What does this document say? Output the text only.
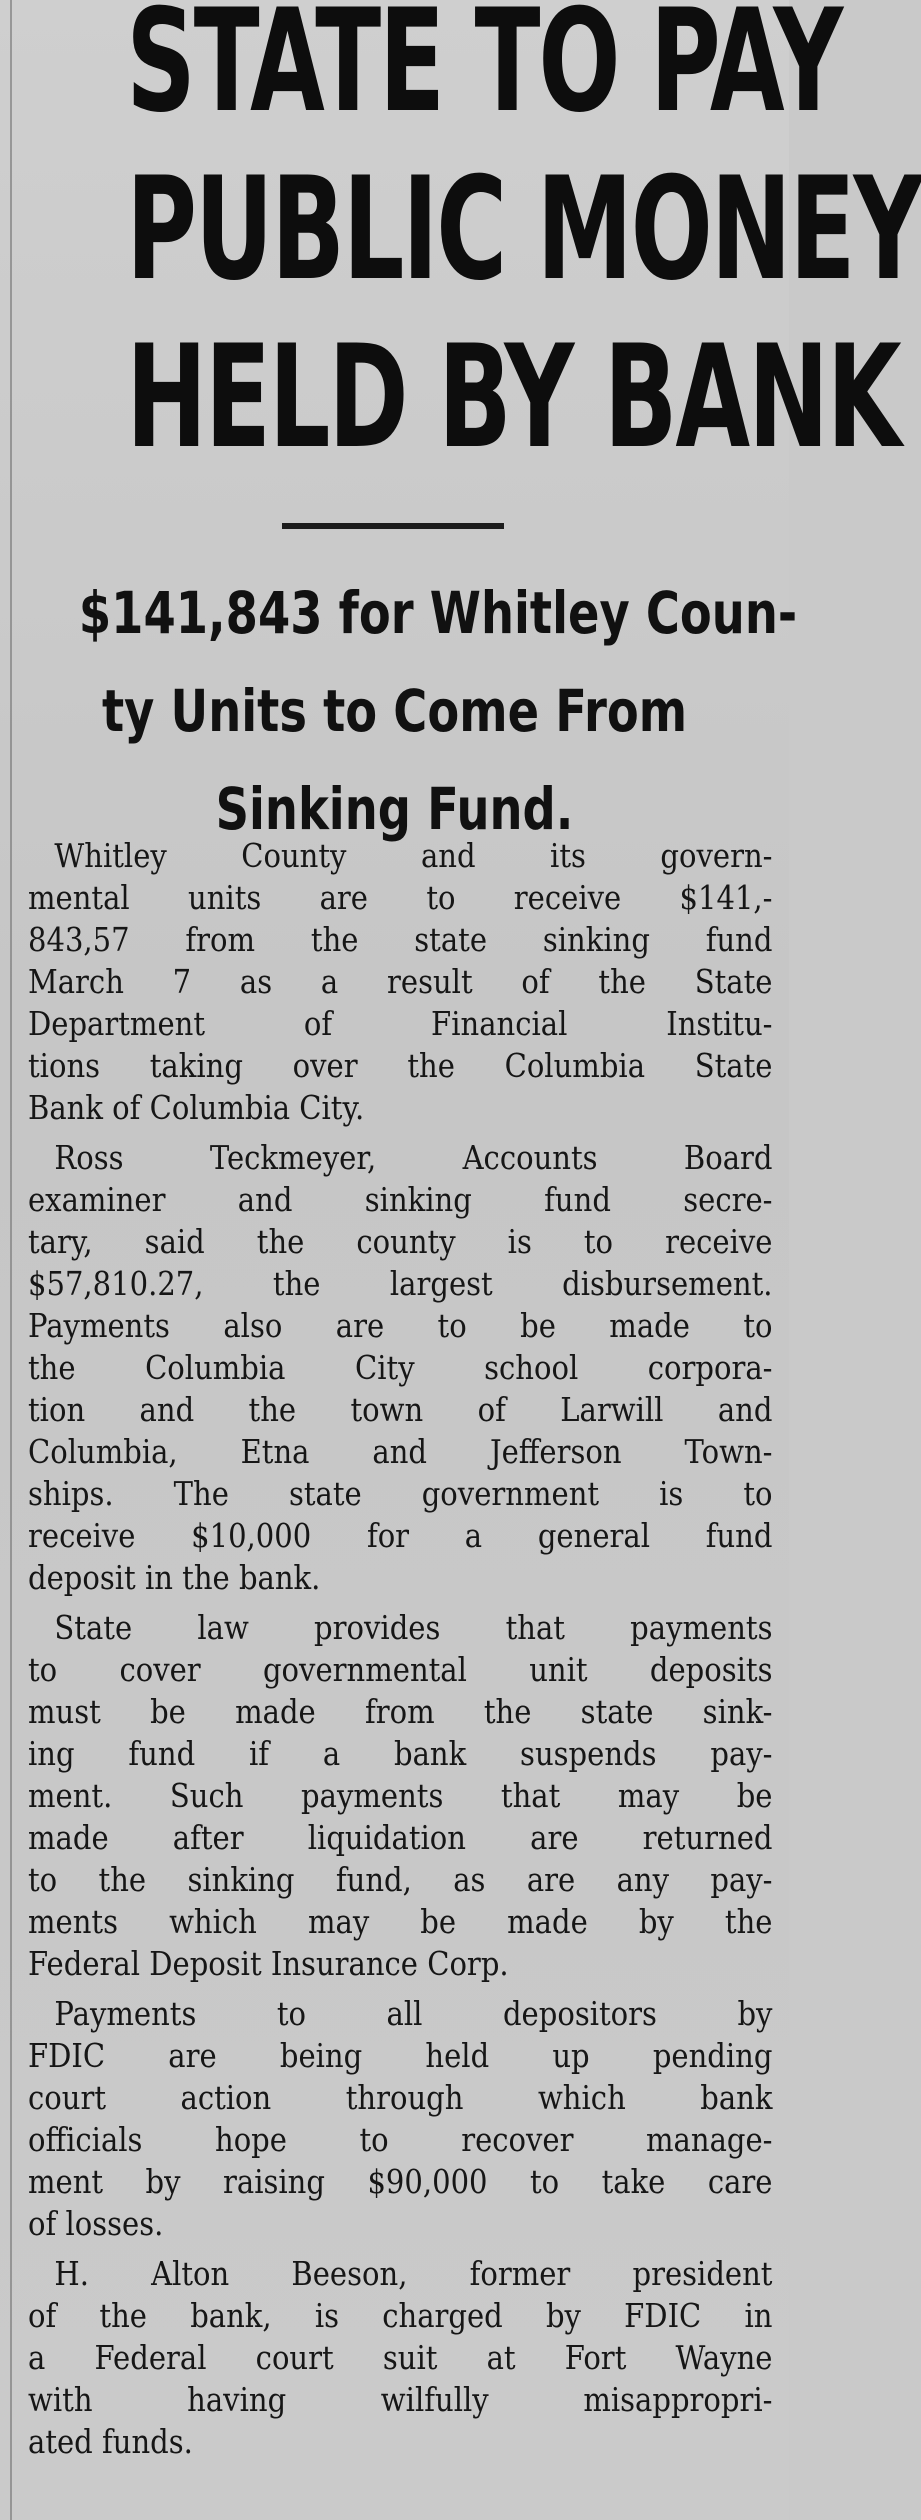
STATE TO PAY
PUBLIC MONEY
HELD BY BANK
$141,843 for Whitley Coun-
ty Units to Come From
Sinking Fund.
Whitley County and its govern-
mental units are to receive $141,-
843,57 from the state sinking fund
March 7 as a result of the State
Department of Financial Institu-
tions taking over the Columbia State
Bank of Columbia City.
Ross Teckmeyer, Accounts Board
examiner and sinking fund secre-
tary, said the county is to receive
$57,810.27, the largest disbursement.
Payments also are to be made to
the Columbia City school corpora-
tion and the town of Larwill and
Columbia, Etna and Jefferson Town-
ships. The state government is to
receive $10,000 for a general fund
deposit in the bank.
State law provides that payments
to cover governmental unit deposits
must be made from the state sink-
ing fund if a bank suspends pay-
ment. Such payments that may be
made after liquidation are returned
to the sinking fund, as are any pay-
ments which may be made by the
Federal Deposit Insurance Corp.
Payments to all depositors by
FDIC are being held up pending
court action through which bank
officials hope to recover manage-
ment by raising $90,000 to take care
of losses.
H. Alton Beeson, former president
of the bank, is charged by FDIC in
a Federal court suit at Fort Wayne
with having wilfully misappropri-
ated funds.
